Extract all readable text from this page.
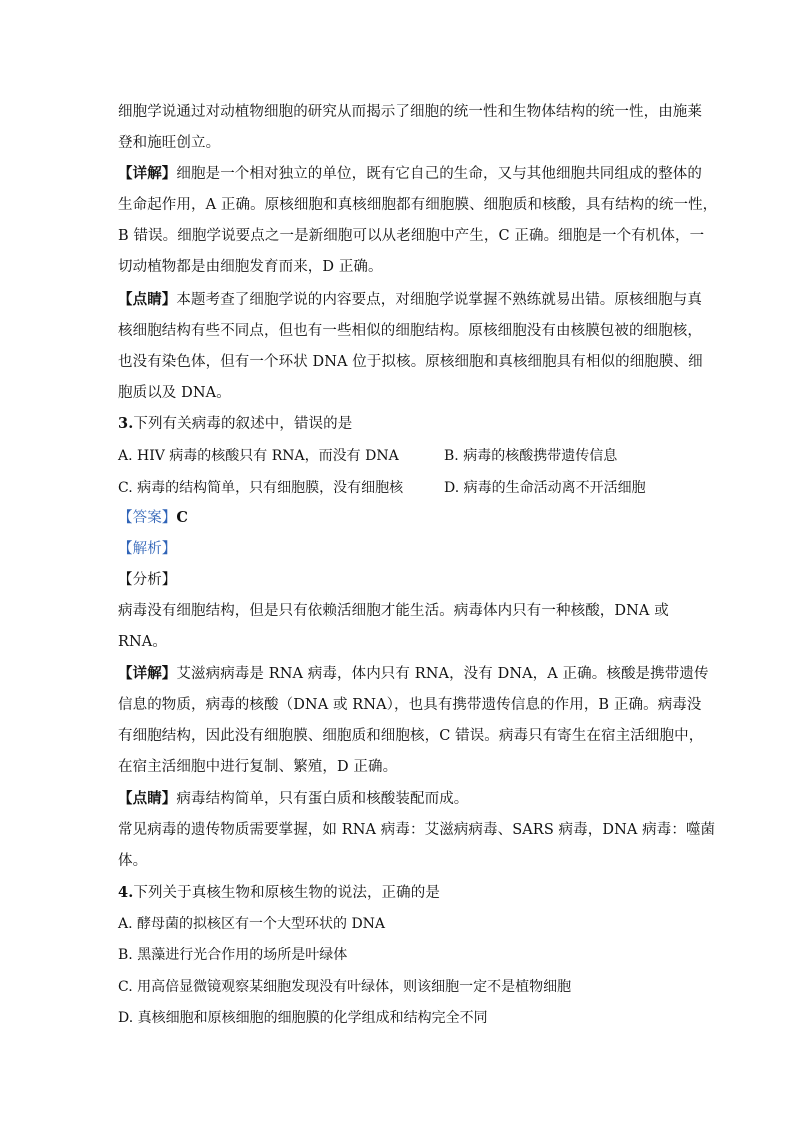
细胞学说通过对动植物细胞的研究从而揭示了细胞的统一性和生物体结构的统一性，由施莱
登和施旺创立。
【详解】细胞是一个相对独立的单位，既有它自己的生命，又与其他细胞共同组成的整体的
生命起作用，A 正确。原核细胞和真核细胞都有细胞膜、细胞质和核酸，具有结构的统一性，
B 错误。细胞学说要点之一是新细胞可以从老细胞中产生，C 正确。细胞是一个有机体，一
切动植物都是由细胞发育而来，D 正确。
【点睛】本题考查了细胞学说的内容要点，对细胞学说掌握不熟练就易出错。原核细胞与真
核细胞结构有些不同点，但也有一些相似的细胞结构。原核细胞没有由核膜包被的细胞核，
也没有染色体，但有一个环状 DNA 位于拟核。原核细胞和真核细胞具有相似的细胞膜、细
胞质以及 DNA。
3.下列有关病毒的叙述中，错误的是
A. HIV 病毒的核酸只有 RNA，而没有 DNA	B. 病毒的核酸携带遗传信息
C. 病毒的结构简单，只有细胞膜，没有细胞核	D. 病毒的生命活动离不开活细胞
【答案】C
【解析】
【分析】
病毒没有细胞结构，但是只有依赖活细胞才能生活。病毒体内只有一种核酸，DNA 或
RNA。
【详解】艾滋病病毒是 RNA 病毒，体内只有 RNA，没有 DNA，A 正确。核酸是携带遗传
信息的物质，病毒的核酸（DNA 或 RNA），也具有携带遗传信息的作用，B 正确。病毒没
有细胞结构，因此没有细胞膜、细胞质和细胞核，C 错误。病毒只有寄生在宿主活细胞中，
在宿主活细胞中进行复制、繁殖，D 正确。
【点睛】病毒结构简单，只有蛋白质和核酸装配而成。
常见病毒的遗传物质需要掌握，如 RNA 病毒：艾滋病病毒、SARS 病毒，DNA 病毒：噬菌
体。
4.下列关于真核生物和原核生物的说法，正确的是
A. 酵母菌的拟核区有一个大型环状的 DNA
B. 黑藻进行光合作用的场所是叶绿体
C. 用高倍显微镜观察某细胞发现没有叶绿体，则该细胞一定不是植物细胞
D. 真核细胞和原核细胞的细胞膜的化学组成和结构完全不同
